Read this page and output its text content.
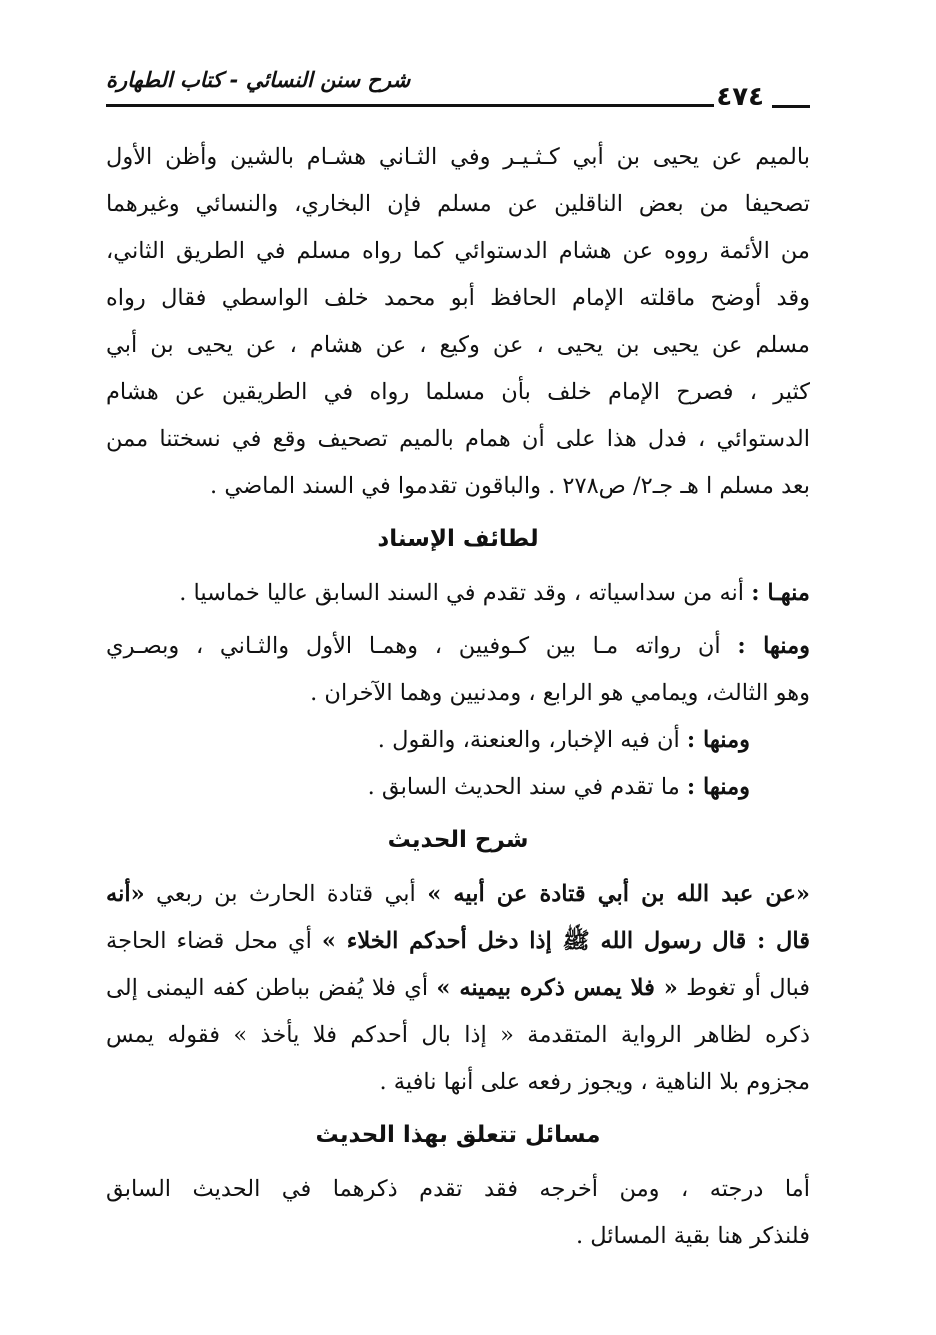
شرح سنن النسائي - كتاب الطهارة
٤٧٤
بالميم عن يحيى بن أبي كـثـيـر وفي الثـاني هشـام بالشين وأظن الأول
تصحيفا من بعض الناقلين عن مسلم فإن البخاري، والنسائي وغيرهما
من الأئمة رووه عن هشام الدستوائي كما رواه مسلم في الطريق الثاني،
وقد أوضح ماقلته الإمام الحافظ أبو محمد خلف الواسطي فقال رواه
مسلم عن يحيى بن يحيى ، عن وكيع ، عن هشام ، عن يحيى بن أبي
كثير ، فصرح الإمام خلف بأن مسلما رواه في الطريقين عن هشام
الدستوائي ، فدل هذا على أن همام بالميم تصحيف وقع في نسختنا ممن
بعد مسلم ا هـ جـ٢/ ص٢٧٨ . والباقون تقدموا في السند الماضي .
لطائف الإسناد
منهـا : أنه من سداسياته ، وقد تقدم في السند السابق عاليا خماسيا .
ومنها : أن رواته مـا بين كـوفيين ، وهمـا الأول والثـاني ، وبصـري
وهو الثالث، ويمامي هو الرابع ، ومدنيين وهما الآخران .
ومنها : أن فيه الإخبار، والعنعنة، والقول .
ومنها : ما تقدم في سند الحديث السابق .
شرح الحديث
«عن عبد الله بن أبي قتادة عن أبيه » أبي قتادة الحارث بن ربعي «أنه
قال : قال رسول الله ﷺ إذا دخل أحدكم الخلاء » أي محل قضاء الحاجة
فبال أو تغوط « فلا يمس ذكره بيمينه » أي فلا يُفض بباطن كفه اليمنى إلى
ذكره لظاهر الرواية المتقدمة « إذا بال أحدكم فلا يأخذ » فقوله يمس
مجزوم بلا الناهية ، ويجوز رفعه على أنها نافية .
مسائل تتعلق بهذا الحديث
أما درجته ، ومن أخرجه فقد تقدم ذكرهما في الحديث السابق
فلنذكر هنا بقية المسائل .
